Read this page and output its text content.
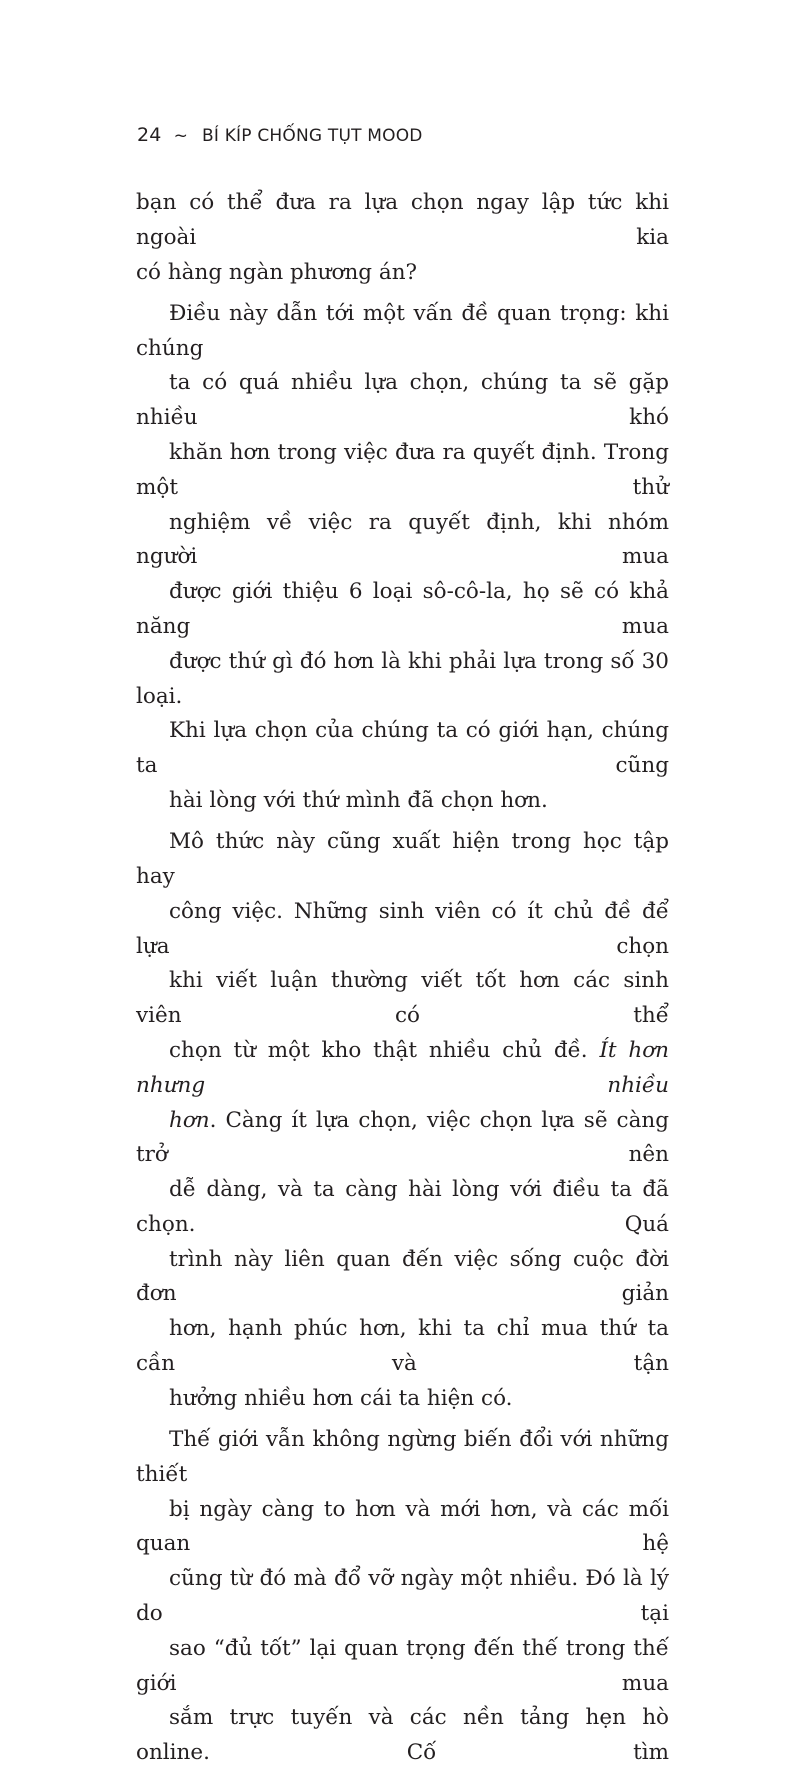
24 ~ BÍ KÍP CHỐNG TỤT MOOD

bạn có thể đưa ra lựa chọn ngay lập tức khi ngoài kia
có hàng ngàn phương án?

Điều này dẫn tới một vấn đề quan trọng: khi chúng
ta có quá nhiều lựa chọn, chúng ta sẽ gặp nhiều khó
khăn hơn trong việc đưa ra quyết định. Trong một thử
nghiệm về việc ra quyết định, khi nhóm người mua
được giới thiệu 6 loại sô-cô-la, họ sẽ có khả năng mua
được thứ gì đó hơn là khi phải lựa trong số 30 loại.
Khi lựa chọn của chúng ta có giới hạn, chúng ta cũng
hài lòng với thứ mình đã chọn hơn.

Mô thức này cũng xuất hiện trong học tập hay
công việc. Những sinh viên có ít chủ đề để lựa chọn
khi viết luận thường viết tốt hơn các sinh viên có thể
chọn từ một kho thật nhiều chủ đề. Ít hơn nhưng nhiều
hơn. Càng ít lựa chọn, việc chọn lựa sẽ càng trở nên
dễ dàng, và ta càng hài lòng với điều ta đã chọn. Quá
trình này liên quan đến việc sống cuộc đời đơn giản
hơn, hạnh phúc hơn, khi ta chỉ mua thứ ta cần và tận
hưởng nhiều hơn cái ta hiện có.

Thế giới vẫn không ngừng biến đổi với những thiết
bị ngày càng to hơn và mới hơn, và các mối quan hệ
cũng từ đó mà đổ vỡ ngày một nhiều. Đó là lý do tại
sao “đủ tốt” lại quan trọng đến thế trong thế giới mua
sắm trực tuyến và các nền tảng hẹn hò online. Cố tìm
